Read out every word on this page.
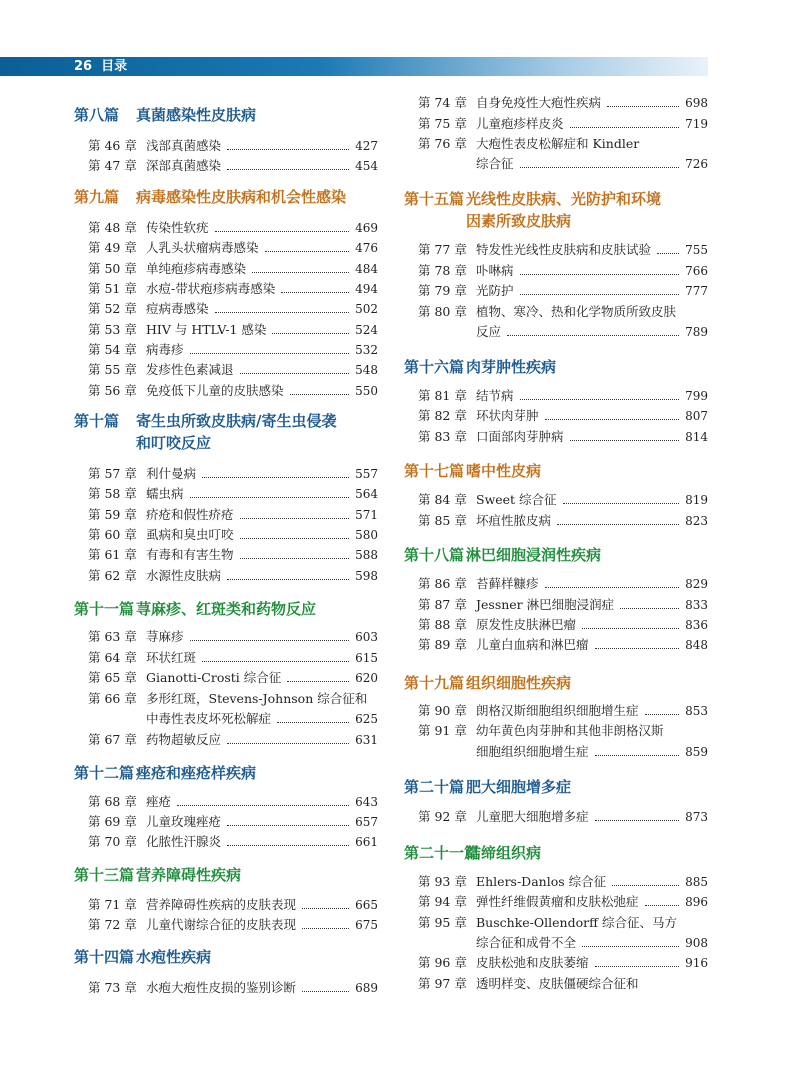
26 目录
第八篇 真菌感染性皮肤病
第 46 章 浅部真菌感染	427
第 47 章 深部真菌感染	454
第九篇 病毒感染性皮肤病和机会性感染
第 48 章 传染性软疣	469
第 49 章 人乳头状瘤病毒感染	476
第 50 章 单纯疱疹病毒感染	484
第 51 章 水痘-带状疱疹病毒感染	494
第 52 章 痘病毒感染	502
第 53 章 HIV 与 HTLV-1 感染	524
第 54 章 病毒疹	532
第 55 章 发疹性色素减退	548
第 56 章 免疫低下儿童的皮肤感染	550
第十篇 寄生虫所致皮肤病/寄生虫侵袭
和叮咬反应
第 57 章 利什曼病	557
第 58 章 蠕虫病	564
第 59 章 疥疮和假性疥疮	571
第 60 章 虱病和臭虫叮咬	580
第 61 章 有毒和有害生物	588
第 62 章 水源性皮肤病	598
第十一篇 荨麻疹、红斑类和药物反应
第 63 章 荨麻疹	603
第 64 章 环状红斑	615
第 65 章 Gianotti-Crosti 综合征	620
第 66 章 多形红斑，Stevens-Johnson 综合征和
中毒性表皮坏死松解症	625
第 67 章 药物超敏反应	631
第十二篇 痤疮和痤疮样疾病
第 68 章 痤疮	643
第 69 章 儿童玫瑰痤疮	657
第 70 章 化脓性汗腺炎	661
第十三篇 营养障碍性疾病
第 71 章 营养障碍性疾病的皮肤表现	665
第 72 章 儿童代谢综合征的皮肤表现	675
第十四篇 水疱性疾病
第 73 章 水疱大疱性皮损的鉴别诊断	689
第 74 章 自身免疫性大疱性疾病	698
第 75 章 儿童疱疹样皮炎	719
第 76 章 大疱性表皮松解症和 Kindler
综合征	726
第十五篇 光线性皮肤病、光防护和环境
因素所致皮肤病
第 77 章 特发性光线性皮肤病和皮肤试验	755
第 78 章 卟啉病	766
第 79 章 光防护	777
第 80 章 植物、寒冷、热和化学物质所致皮肤
反应	789
第十六篇 肉芽肿性疾病
第 81 章 结节病	799
第 82 章 环状肉芽肿	807
第 83 章 口面部肉芽肿病	814
第十七篇 嗜中性皮病
第 84 章 Sweet 综合征	819
第 85 章 坏疽性脓皮病	823
第十八篇 淋巴细胞浸润性疾病
第 86 章 苔藓样糠疹	829
第 87 章 Jessner 淋巴细胞浸润症	833
第 88 章 原发性皮肤淋巴瘤	836
第 89 章 儿童白血病和淋巴瘤	848
第十九篇 组织细胞性疾病
第 90 章 朗格汉斯细胞组织细胞增生症	853
第 91 章 幼年黄色肉芽肿和其他非朗格汉斯
细胞组织细胞增生症	859
第二十篇 肥大细胞增多症
第 92 章 儿童肥大细胞增多症	873
第二十一篇
结缔组织病
第 93 章 Ehlers-Danlos 综合征	885
第 94 章 弹性纤维假黄瘤和皮肤松弛症	896
第 95 章 Buschke-Ollendorff 综合征、马方
综合征和成骨不全	908
第 96 章 皮肤松弛和皮肤萎缩	916
第 97 章 透明样变、皮肤僵硬综合征和
